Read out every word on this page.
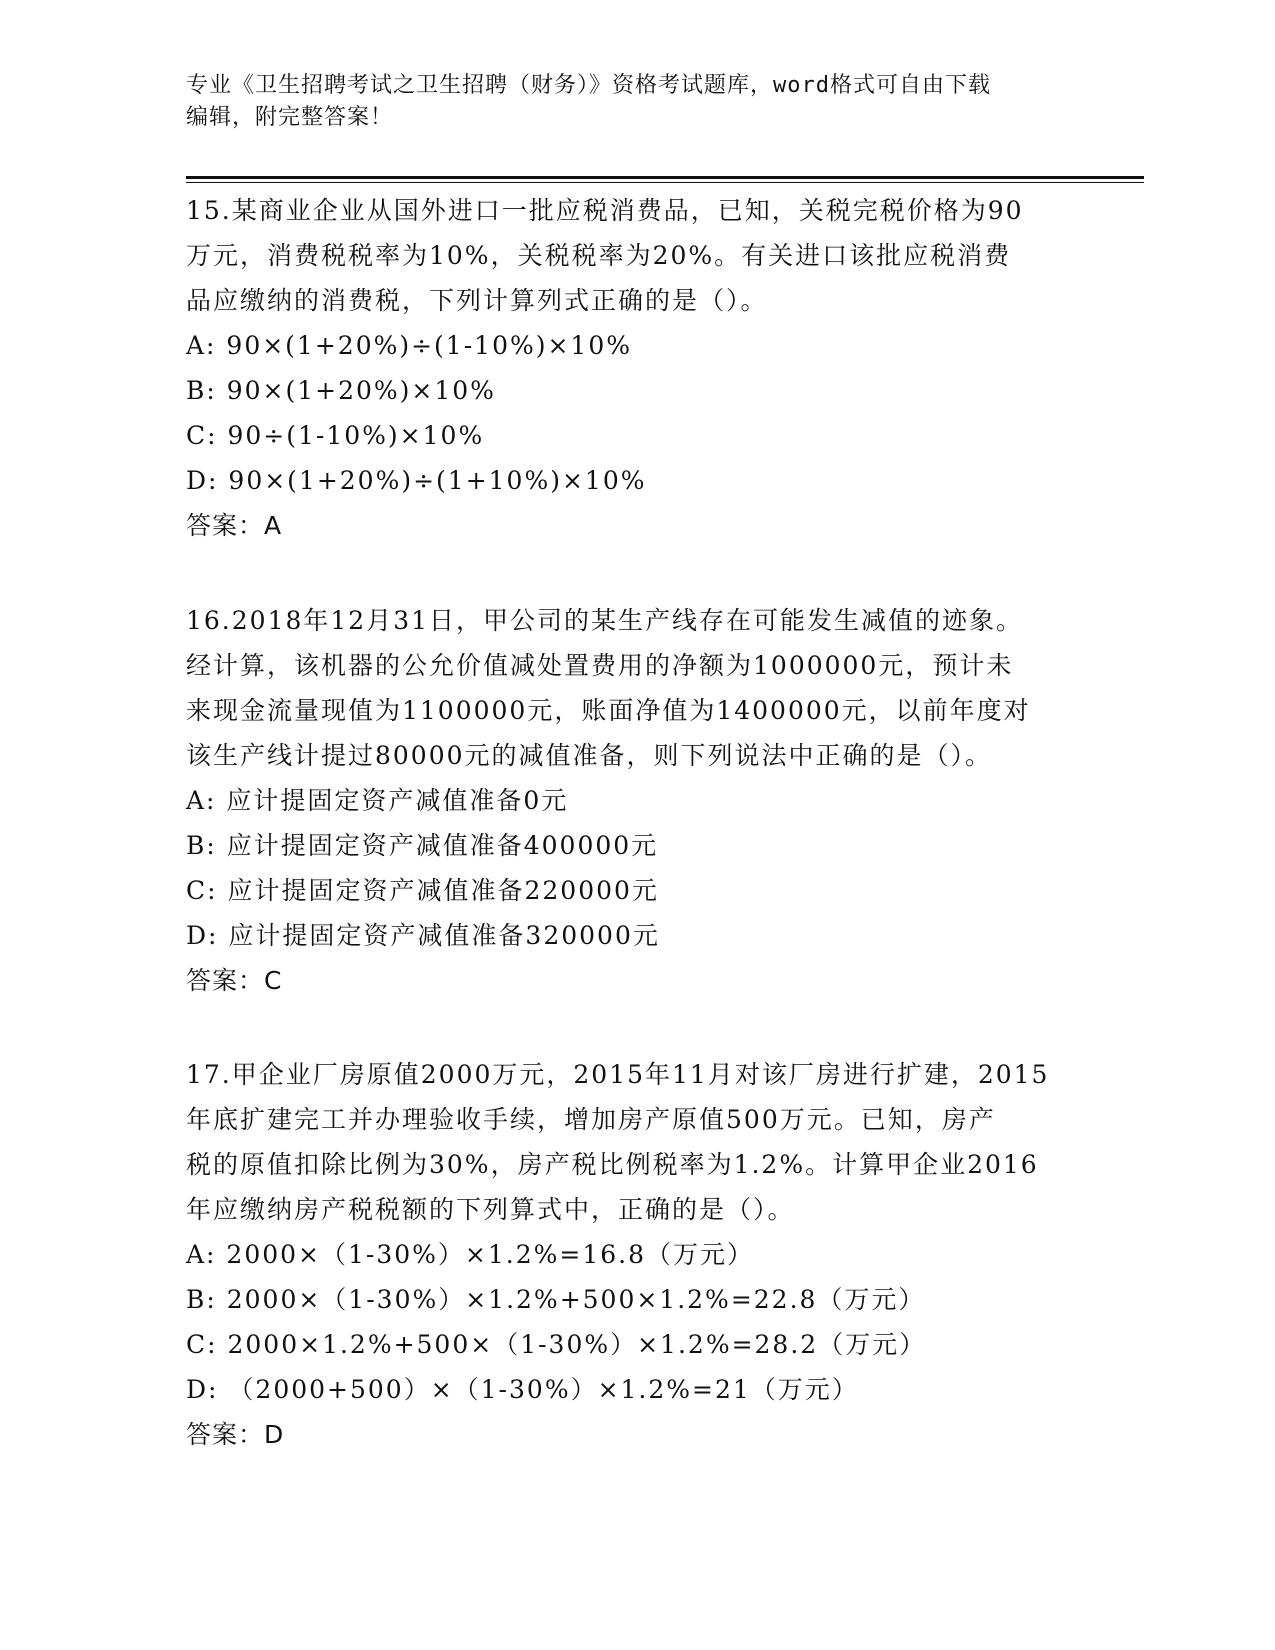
专业《卫生招聘考试之卫生招聘（财务）》资格考试题库，word格式可自由下载
编辑，附完整答案！
15.某商业企业从国外进口一批应税消费品，已知，关税完税价格为90
万元，消费税税率为10%，关税税率为20%。有关进口该批应税消费
品应缴纳的消费税，下列计算列式正确的是（）。
A: 90×(1+20%)÷(1-10%)×10%
B: 90×(1+20%)×10%
C: 90÷(1-10%)×10%
D: 90×(1+20%)÷(1+10%)×10%
答案：A
16.2018年12月31日，甲公司的某生产线存在可能发生减值的迹象。
经计算，该机器的公允价值减处置费用的净额为1000000元，预计未
来现金流量现值为1100000元，账面净值为1400000元，以前年度对
该生产线计提过80000元的减值准备，则下列说法中正确的是（）。
A: 应计提固定资产减值准备0元
B: 应计提固定资产减值准备400000元
C: 应计提固定资产减值准备220000元
D: 应计提固定资产减值准备320000元
答案：C
17.甲企业厂房原值2000万元，2015年11月对该厂房进行扩建，2015
年底扩建完工并办理验收手续，增加房产原值500万元。已知，房产
税的原值扣除比例为30%，房产税比例税率为1.2%。计算甲企业2016
年应缴纳房产税税额的下列算式中，正确的是（）。
A: 2000×（1-30%）×1.2%=16.8（万元）
B: 2000×（1-30%）×1.2%+500×1.2%=22.8（万元）
C: 2000×1.2%+500×（1-30%）×1.2%=28.2（万元）
D: （2000+500）×（1-30%）×1.2%=21（万元）
答案：D
